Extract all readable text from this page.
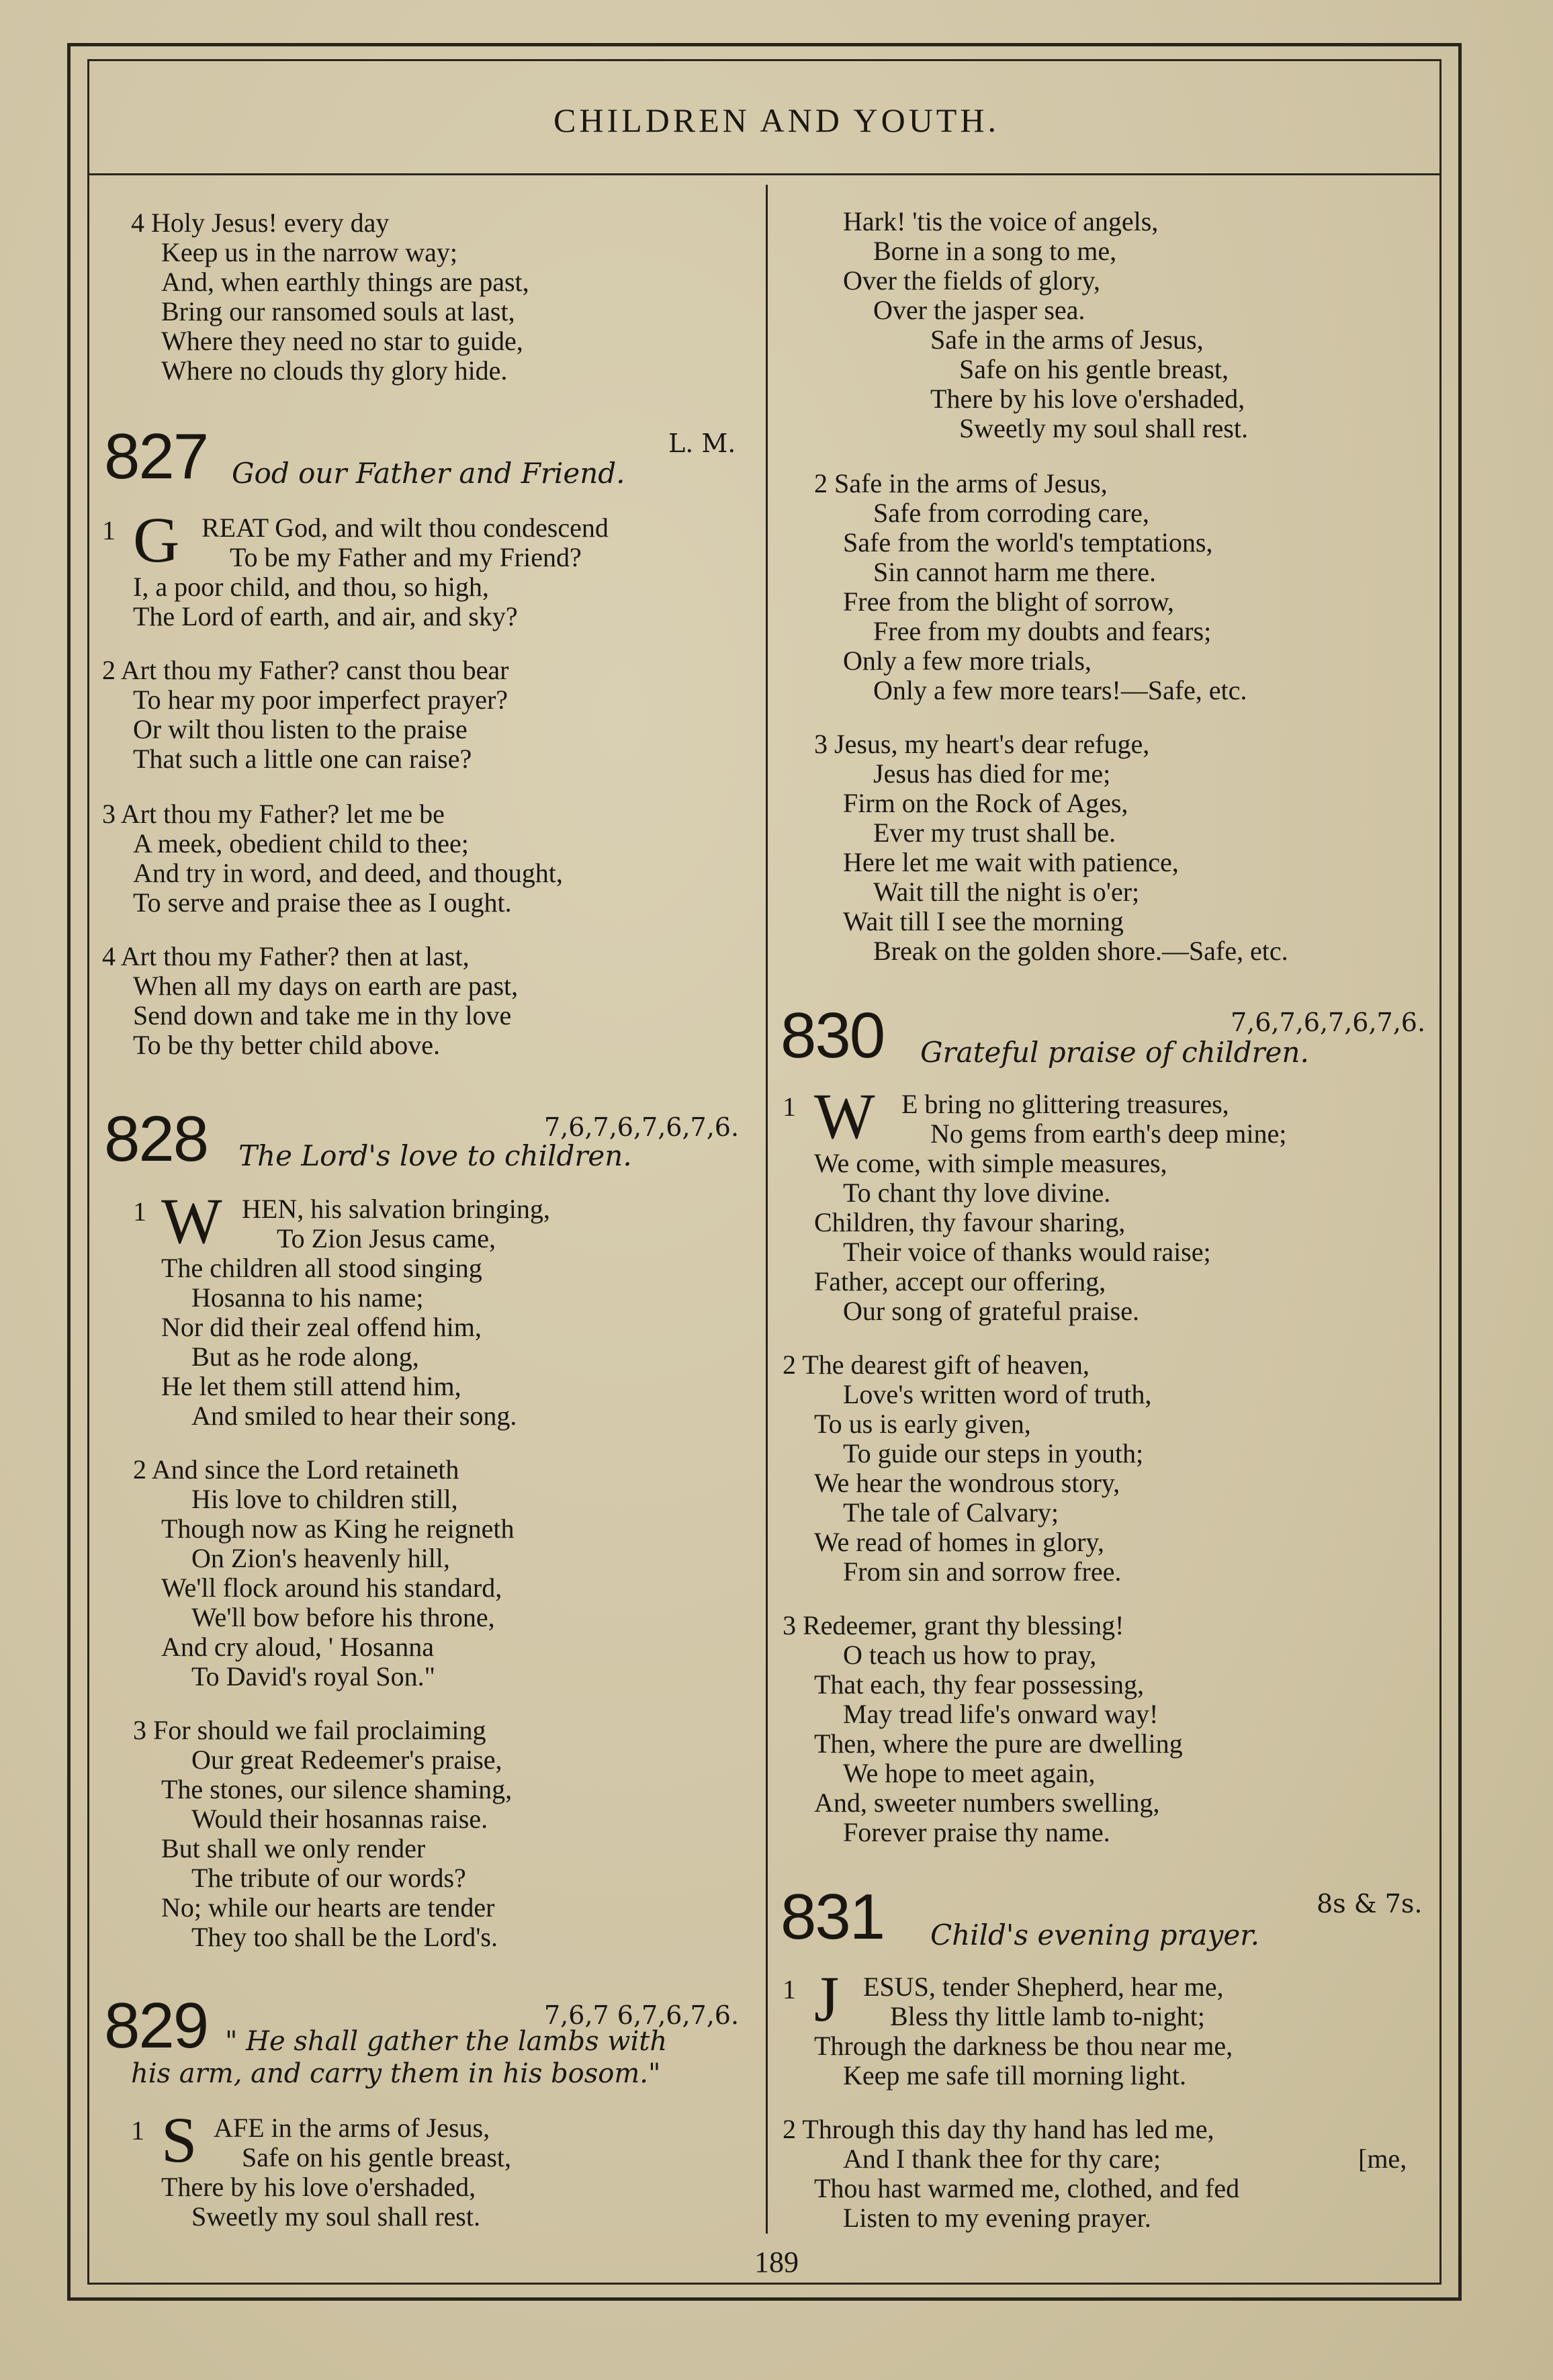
CHILDREN AND YOUTH.
4 Holy Jesus! every day
Keep us in the narrow way;
And, when earthly things are past,
Bring our ransomed souls at last,
Where they need no star to guide,
Where no clouds thy glory hide.
827 God our Father and Friend.
L. M.
1 G REAT God, and wilt thou condescend
To be my Father and my Friend?
I, a poor child, and thou, so high,
The Lord of earth, and air, and sky?
2 Art thou my Father? canst thou bear
To hear my poor imperfect prayer?
Or wilt thou listen to the praise
That such a little one can raise?
3 Art thou my Father? let me be
A meek, obedient child to thee;
And try in word, and deed, and thought,
To serve and praise thee as I ought.
4 Art thou my Father? then at last,
When all my days on earth are past,
Send down and take me in thy love
To be thy better child above.
828 The Lord's love to children.
7,6,7,6,7,6,7,6.
1 W HEN, his salvation bringing,
To Zion Jesus came,
The children all stood singing
Hosanna to his name;
Nor did their zeal offend him,
But as he rode along,
He let them still attend him,
And smiled to hear their song.
2 And since the Lord retaineth
His love to children still,
Though now as King he reigneth
On Zion's heavenly hill,
We'll flock around his standard,
We'll bow before his throne,
And cry aloud, ' Hosanna
To David's royal Son."
3 For should we fail proclaiming
Our great Redeemer's praise,
The stones, our silence shaming,
Would their hosannas raise.
But shall we only render
The tribute of our words?
No; while our hearts are tender
They too shall be the Lord's.
829	7,6,7 6,7,6,7,6.
" He shall gather the lambs with
his arm, and carry them in his bosom."
1 S AFE in the arms of Jesus,
Safe on his gentle breast,
There by his love o'ershaded,
Sweetly my soul shall rest.
Hark! 'tis the voice of angels,
Borne in a song to me,
Over the fields of glory,
Over the jasper sea.
Safe in the arms of Jesus,
Safe on his gentle breast,
There by his love o'ershaded,
Sweetly my soul shall rest.
2 Safe in the arms of Jesus,
Safe from corroding care,
Safe from the world's temptations,
Sin cannot harm me there.
Free from the blight of sorrow,
Free from my doubts and fears;
Only a few more trials,
Only a few more tears!—Safe, etc.
3 Jesus, my heart's dear refuge,
Jesus has died for me;
Firm on the Rock of Ages,
Ever my trust shall be.
Here let me wait with patience,
Wait till the night is o'er;
Wait till I see the morning
Break on the golden shore.—Safe, etc.
830	7,6,7,6,7,6,7,6.
Grateful praise of children.
1 W E bring no glittering treasures,
No gems from earth's deep mine;
We come, with simple measures,
To chant thy love divine.
Children, thy favour sharing,
Their voice of thanks would raise;
Father, accept our offering,
Our song of grateful praise.
2 The dearest gift of heaven,
Love's written word of truth,
To us is early given,
To guide our steps in youth;
We hear the wondrous story,
The tale of Calvary;
We read of homes in glory,
From sin and sorrow free.
3 Redeemer, grant thy blessing!
O teach us how to pray,
That each, thy fear possessing,
May tread life's onward way!
Then, where the pure are dwelling
We hope to meet again,
And, sweeter numbers swelling,
Forever praise thy name.
831	8s & 7s.
Child's evening prayer.
1 J ESUS, tender Shepherd, hear me,
Bless thy little lamb to-night;
Through the darkness be thou near me,
Keep me safe till morning light.
2 Through this day thy hand has led me,
And I thank thee for thy care;	[me,
Thou hast warmed me, clothed, and fed
Listen to my evening prayer.
189
